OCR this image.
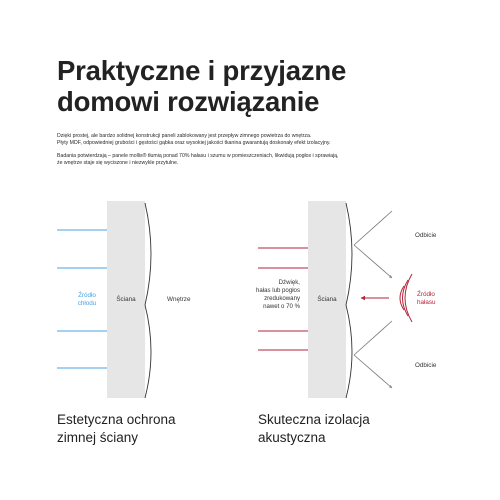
Praktyczne i przyjazne
domowi rozwiązanie
Dzięki prostej, ale bardzo solidnej konstrukcji paneli zablokowany jest przepływ zimnego powietrza do wnętrza.
Płyty MDF, odpowiedniej grubości i gęstości gąbka oraz wysokiej jakości tkanina gwarantują doskonały efekt izolacyjny.
Badania potwierdzają – panele mollis® tłumią ponad 70% hałasu i szumu w pomieszczeniach, likwidują pogłos i sprawiają,
że wnętrze staje się wyciszone i niezwykle przytulne.
Źródło
chłodu
Ściana	Wnętrze
Dźwięk,
hałas lub pogłos
zredukowany
nawet o 70 %
Ściana
Odbicie
Odbicie
Źródło
hałasu
Estetyczna ochrona
zimnej ściany
Skuteczna izolacja
akustyczna
